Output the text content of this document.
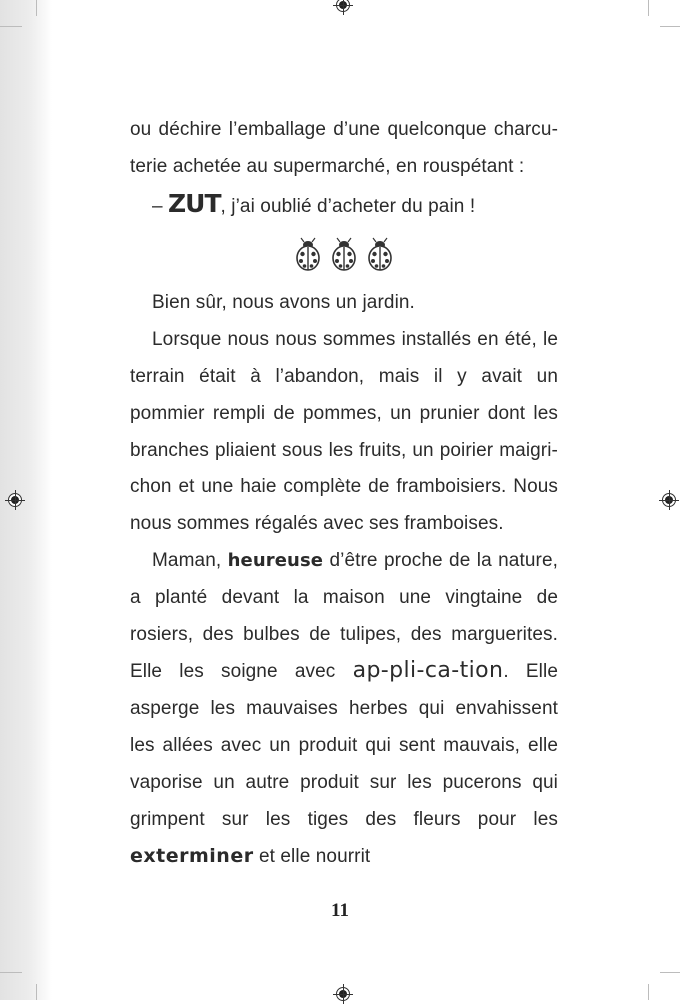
ou déchire l’emballage d’une quelconque charcu-terie achetée au supermarché, en rouspétant :

– ZUT, j’ai oublié d’acheter du pain !

Bien sûr, nous avons un jardin.

Lorsque nous nous sommes installés en été, le terrain était à l’abandon, mais il y avait un pommier rempli de pommes, un prunier dont les branches pliaient sous les fruits, un poirier maigri-chon et une haie complète de framboisiers. Nous nous sommes régalés avec ses framboises.

Maman, heureuse d’être proche de la nature, a planté devant la maison une vingtaine de rosiers, des bulbes de tulipes, des marguerites. Elle les soigne avec ap-pli-ca-tion. Elle asperge les mauvaises herbes qui envahissent les allées avec un produit qui sent mauvais, elle vaporise un autre produit sur les pucerons qui grimpent sur les tiges des fleurs pour les exterminer et elle nourrit

11
